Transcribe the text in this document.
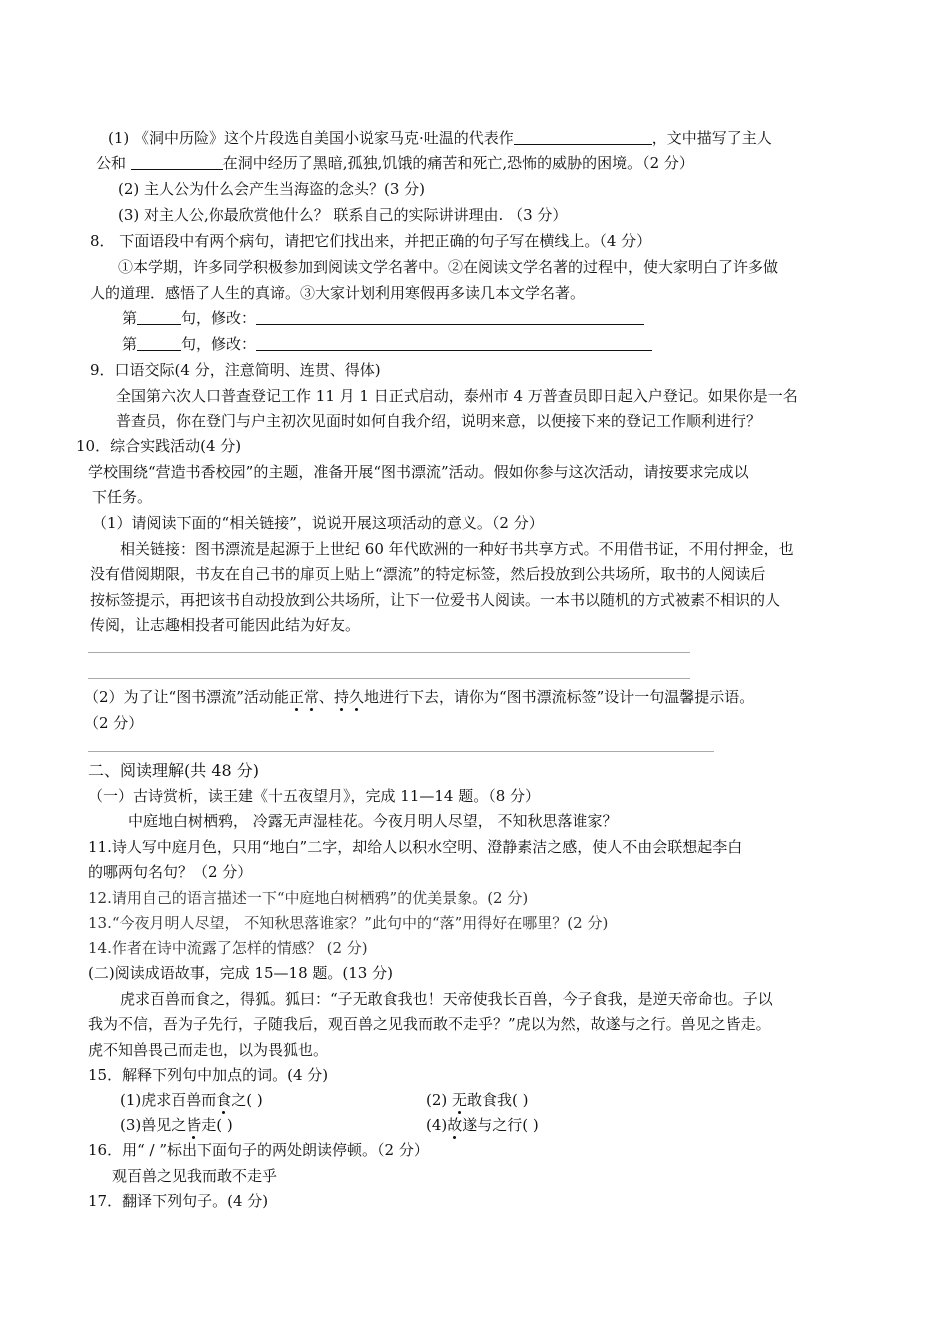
(1) 《洞中历险》这个片段选自美国小说家马克·吐温的代表作	，文中描写了主人
公和	在洞中经历了黑暗,孤独,饥饿的痛苦和死亡,恐怖的威胁的困境。（2 分）
(2) 主人公为什么会产生当海盗的念头？(3 分)
(3) 对主人公,你最欣赏他什么？ 联系自己的实际讲讲理由. （3 分）
8． 下面语段中有两个病句，请把它们找出来，并把正确的句子写在横线上。（4 分）
①本学期，许多同学积极参加到阅读文学名著中。②在阅读文学名著的过程中，使大家明白了许多做
人的道理．感悟了人生的真谛。③大家计划利用寒假再多读几本文学名著。
第	句，修改：
第	句，修改：
9．口语交际(4 分，注意简明、连贯、得体)
全国第六次人口普查登记工作 11 月 1 日正式启动，泰州市 4 万普查员即日起入户登记。如果你是一名
普查员，你在登门与户主初次见面时如何自我介绍，说明来意，以便接下来的登记工作顺利进行？
10．综合实践活动(4 分)
学校围绕“营造书香校园”的主题，准备开展“图书漂流”活动。假如你参与这次活动，请按要求完成以
下任务。
（1）请阅读下面的“相关链接”，说说开展这项活动的意义。（2 分）
相关链接：图书漂流是起源于上世纪 60 年代欧洲的一种好书共享方式。不用借书证，不用付押金，也
没有借阅期限，书友在自己书的扉页上贴上“漂流”的特定标签，然后投放到公共场所，取书的人阅读后
按标签提示，再把该书自动投放到公共场所，让下一位爱书人阅读。一本书以随机的方式被素不相识的人
传阅，让志趣相投者可能因此结为好友。
（2）为了让“图书漂流”活动能正常、持久地进行下去，请你为“图书漂流标签”设计一句温馨提示语。
（2 分）
二、阅读理解(共 48 分)
（一）古诗赏析，读王建《十五夜望月》，完成 11—14 题。（8 分）
中庭地白树栖鸦， 冷露无声湿桂花。今夜月明人尽望， 不知秋思落谁家？
11.诗人写中庭月色，只用“地白”二字，却给人以积水空明、澄静素洁之感，使人不由会联想起李白
的哪两句名句？（2 分）
12.请用自己的语言描述一下“中庭地白树栖鸦”的优美景象。(2 分)
13.“今夜月明人尽望， 不知秋思落谁家？”此句中的“落”用得好在哪里？(2 分)
14.作者在诗中流露了怎样的情感？ (2 分)
(二)阅读成语故事，完成 15—18 题。(13 分)
虎求百兽而食之，得狐。狐曰：“子无敢食我也！天帝使我长百兽，今子食我，是逆天帝命也。子以
我为不信，吾为子先行，子随我后，观百兽之见我而敢不走乎？”虎以为然，故遂与之行。兽见之皆走。
虎不知兽畏己而走也，以为畏狐也。
15．解释下列句中加点的词。(4 分)
(1)虎求百兽而食之( )	(2) 无敢食我( )
(3)兽见之皆走( )	(4)故遂与之行( )
16．用“ / ”标出下面句子的两处朗读停顿。（2 分）
观百兽之见我而敢不走乎
17．翻译下列句子。(4 分)
